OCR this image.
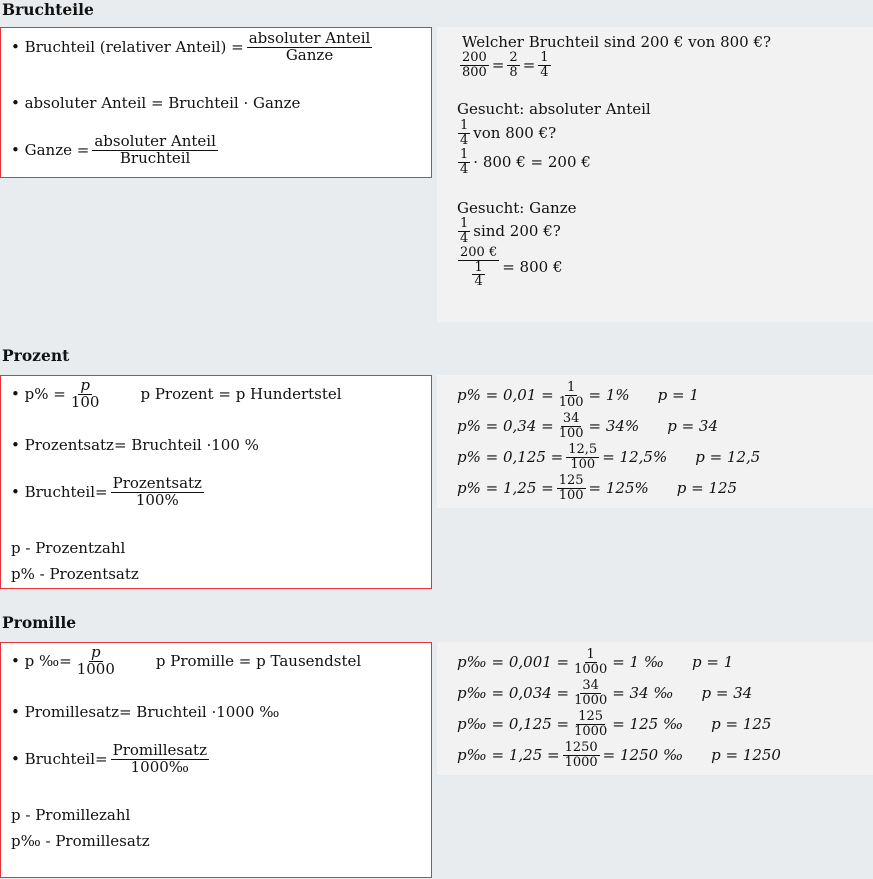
Bruchteile
• Bruchteil (relativer Anteil) = $\frac{\text{absoluter Anteil}}{\text{Ganze}}$
• absoluter Anteil = Bruchteil · Ganze
• Ganze = $\frac{\text{absoluter Anteil}}{\text{Bruchteil}}$
Welcher Bruchteil sind 200 € von 800 €?
$\frac{200}{800} = \frac{2}{8} = \frac{1}{4}$
Gesucht: absoluter Anteil
$\frac{1}{4}$ von 800 €?
$\frac{1}{4} \cdot 800$ € = 200 €
Gesucht: Ganze
$\frac{1}{4}$ sind 200 €?
$\frac{200 €}{\frac{1}{4}} = 800$ €
Prozent
• $p\% = \frac{p}{100}$	p Prozent = p Hundertstel
• Prozentsatz= Bruchteil ·100 %
• Bruchteil= $\frac{\text{Prozentsatz}}{100\%}$
p - Prozentzahl
p% - Prozentsatz
$p\% = 0,01 = \frac{1}{100} = 1\%$ p = 1
$p\% = 0,34 = \frac{34}{100} = 34\%$ p = 34
$p\% = 0,125 = \frac{12,5}{100} = 12,5\%$ p = 12,5
$p\% = 1,25 = \frac{125}{100} = 125\%$ p = 125
Promille
• p ‰= $\frac{p}{1000}$	p Promille = p Tausendstel
• Promillesatz= Bruchteil ·1000 ‰
• Bruchteil= $\frac{\text{Promillesatz}}{1000‰}$
p - Promillezahl
p‰ - Promillesatz
p‰ = $0,001 = \frac{1}{1000} = 1$ ‰ p = 1
p‰ = $0,034 = \frac{34}{1000} = 34$ ‰ p = 34
p‰ = $0,125 = \frac{125}{1000} = 125$ ‰ p = 125
p‰ = $1,25 = \frac{1250}{1000} = 1250$ ‰ p = 1250
